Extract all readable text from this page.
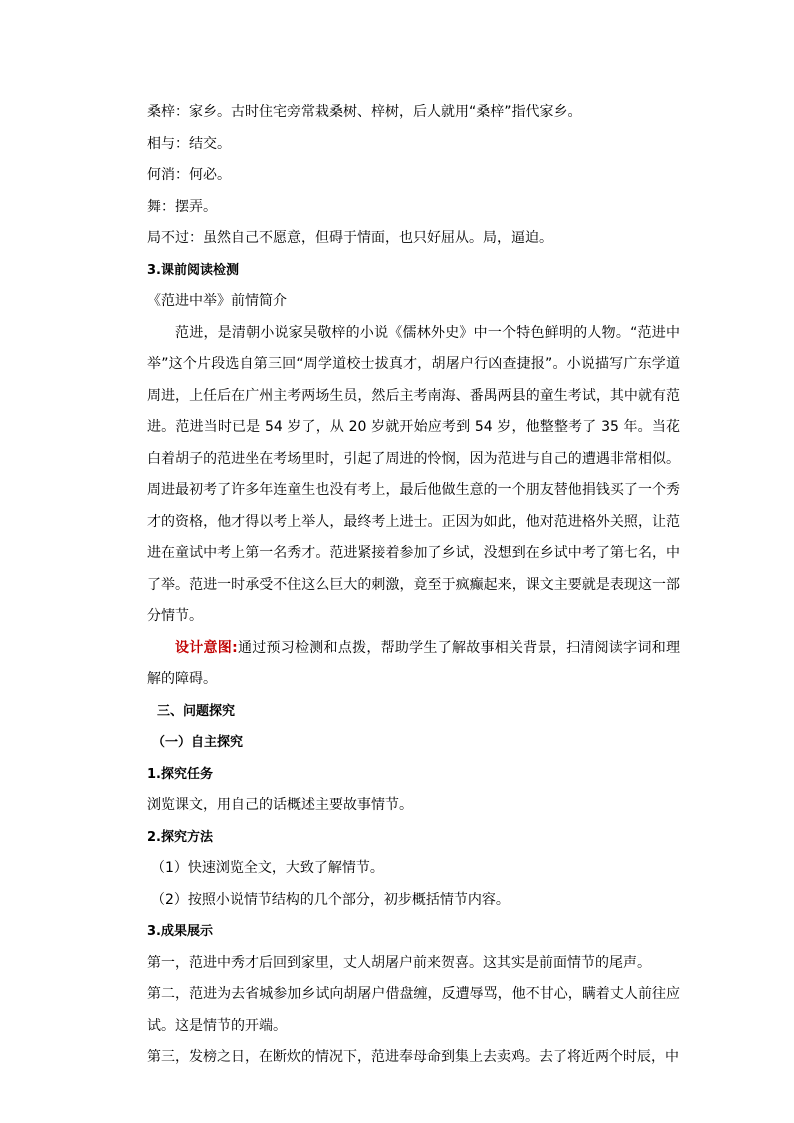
桑梓：家乡。古时住宅旁常栽桑树、梓树，后人就用“桑梓”指代家乡。
相与：结交。
何消：何必。
舞：摆弄。
局不过：虽然自己不愿意，但碍于情面，也只好屈从。局，逼迫。
3.课前阅读检测
《范进中举》前情简介
范进，是清朝小说家吴敬梓的小说《儒林外史》中一个特色鲜明的人物。“范进中举”这个片段选自第三回“周学道校士拔真才，胡屠户行凶查捷报”。小说描写广东学道周进，上任后在广州主考两场生员，然后主考南海、番禺两县的童生考试，其中就有范进。范进当时已是 54 岁了，从 20 岁就开始应考到 54 岁，他整整考了 35 年。当花白着胡子的范进坐在考场里时，引起了周进的怜悯，因为范进与自己的遭遇非常相似。周进最初考了许多年连童生也没有考上，最后他做生意的一个朋友替他捐钱买了一个秀才的资格，他才得以考上举人，最终考上进士。正因为如此，他对范进格外关照，让范进在童试中考上第一名秀才。范进紧接着参加了乡试，没想到在乡试中考了第七名，中了举。范进一时承受不住这么巨大的刺激，竟至于疯癫起来，课文主要就是表现这一部分情节。
设计意图:通过预习检测和点拨，帮助学生了解故事相关背景，扫清阅读字词和理解的障碍。
三、问题探究
（一）自主探究
1.探究任务
浏览课文，用自己的话概述主要故事情节。
2.探究方法
（1）快速浏览全文，大致了解情节。
（2）按照小说情节结构的几个部分，初步概括情节内容。
3.成果展示
第一，范进中秀才后回到家里，丈人胡屠户前来贺喜。这其实是前面情节的尾声。
第二，范进为去省城参加乡试向胡屠户借盘缠，反遭辱骂，他不甘心，瞒着丈人前往应试。这是情节的开端。
第三，发榜之日，在断炊的情况下，范进奉母命到集上去卖鸡。去了将近两个时辰，中
